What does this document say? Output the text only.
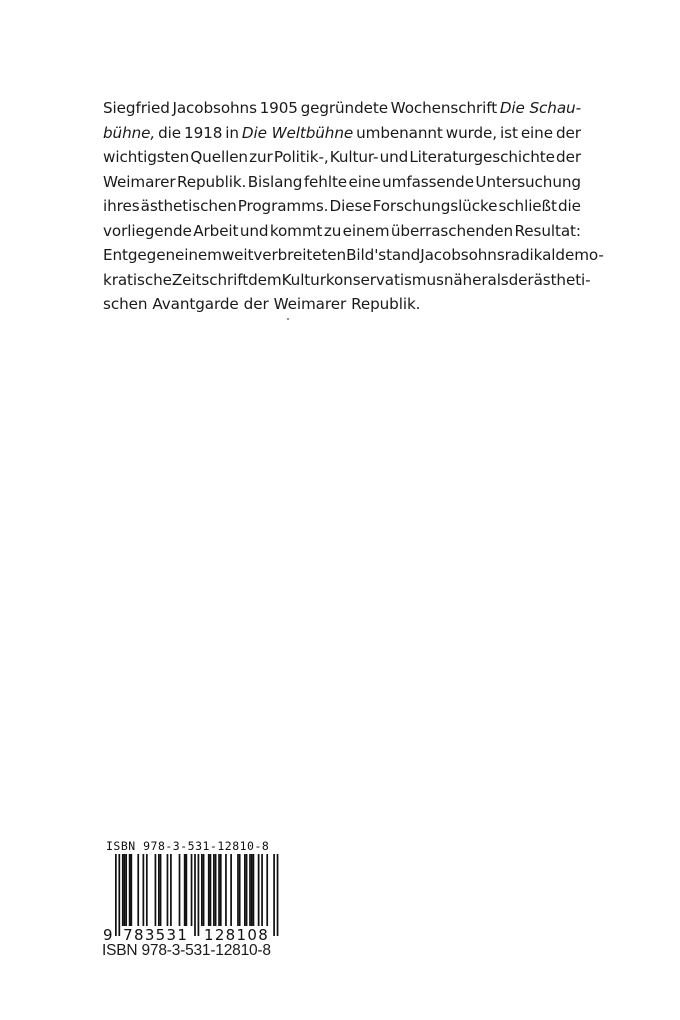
Siegfried Jacobsohns 1905 gegründete Wochenschrift Die Schau-
bühne, die 1918 in Die Weltbühne umbenannt wurde, ist eine der
wichtigsten Quellen zur Politik-, Kultur- und Literaturgeschichte der
Weimarer Republik. Bislang fehlte eine umfassende Untersuchung
ihres ästhetischen Programms. Diese Forschungslücke schließt die
vorliegende Arbeit und kommt zu einem überraschenden Resultat:
Entgegen einem weitverbreiteten Bild 'stand Jacobsohns radikaldemo-
kratische Zeitschrift dem Kulturkonservatismus näher als der ästheti-
schen Avantgarde der Weimarer Republik.
ISBN 978-3-531-12810-8
9 783531 128108
ISBN 978-3-531-12810-8
